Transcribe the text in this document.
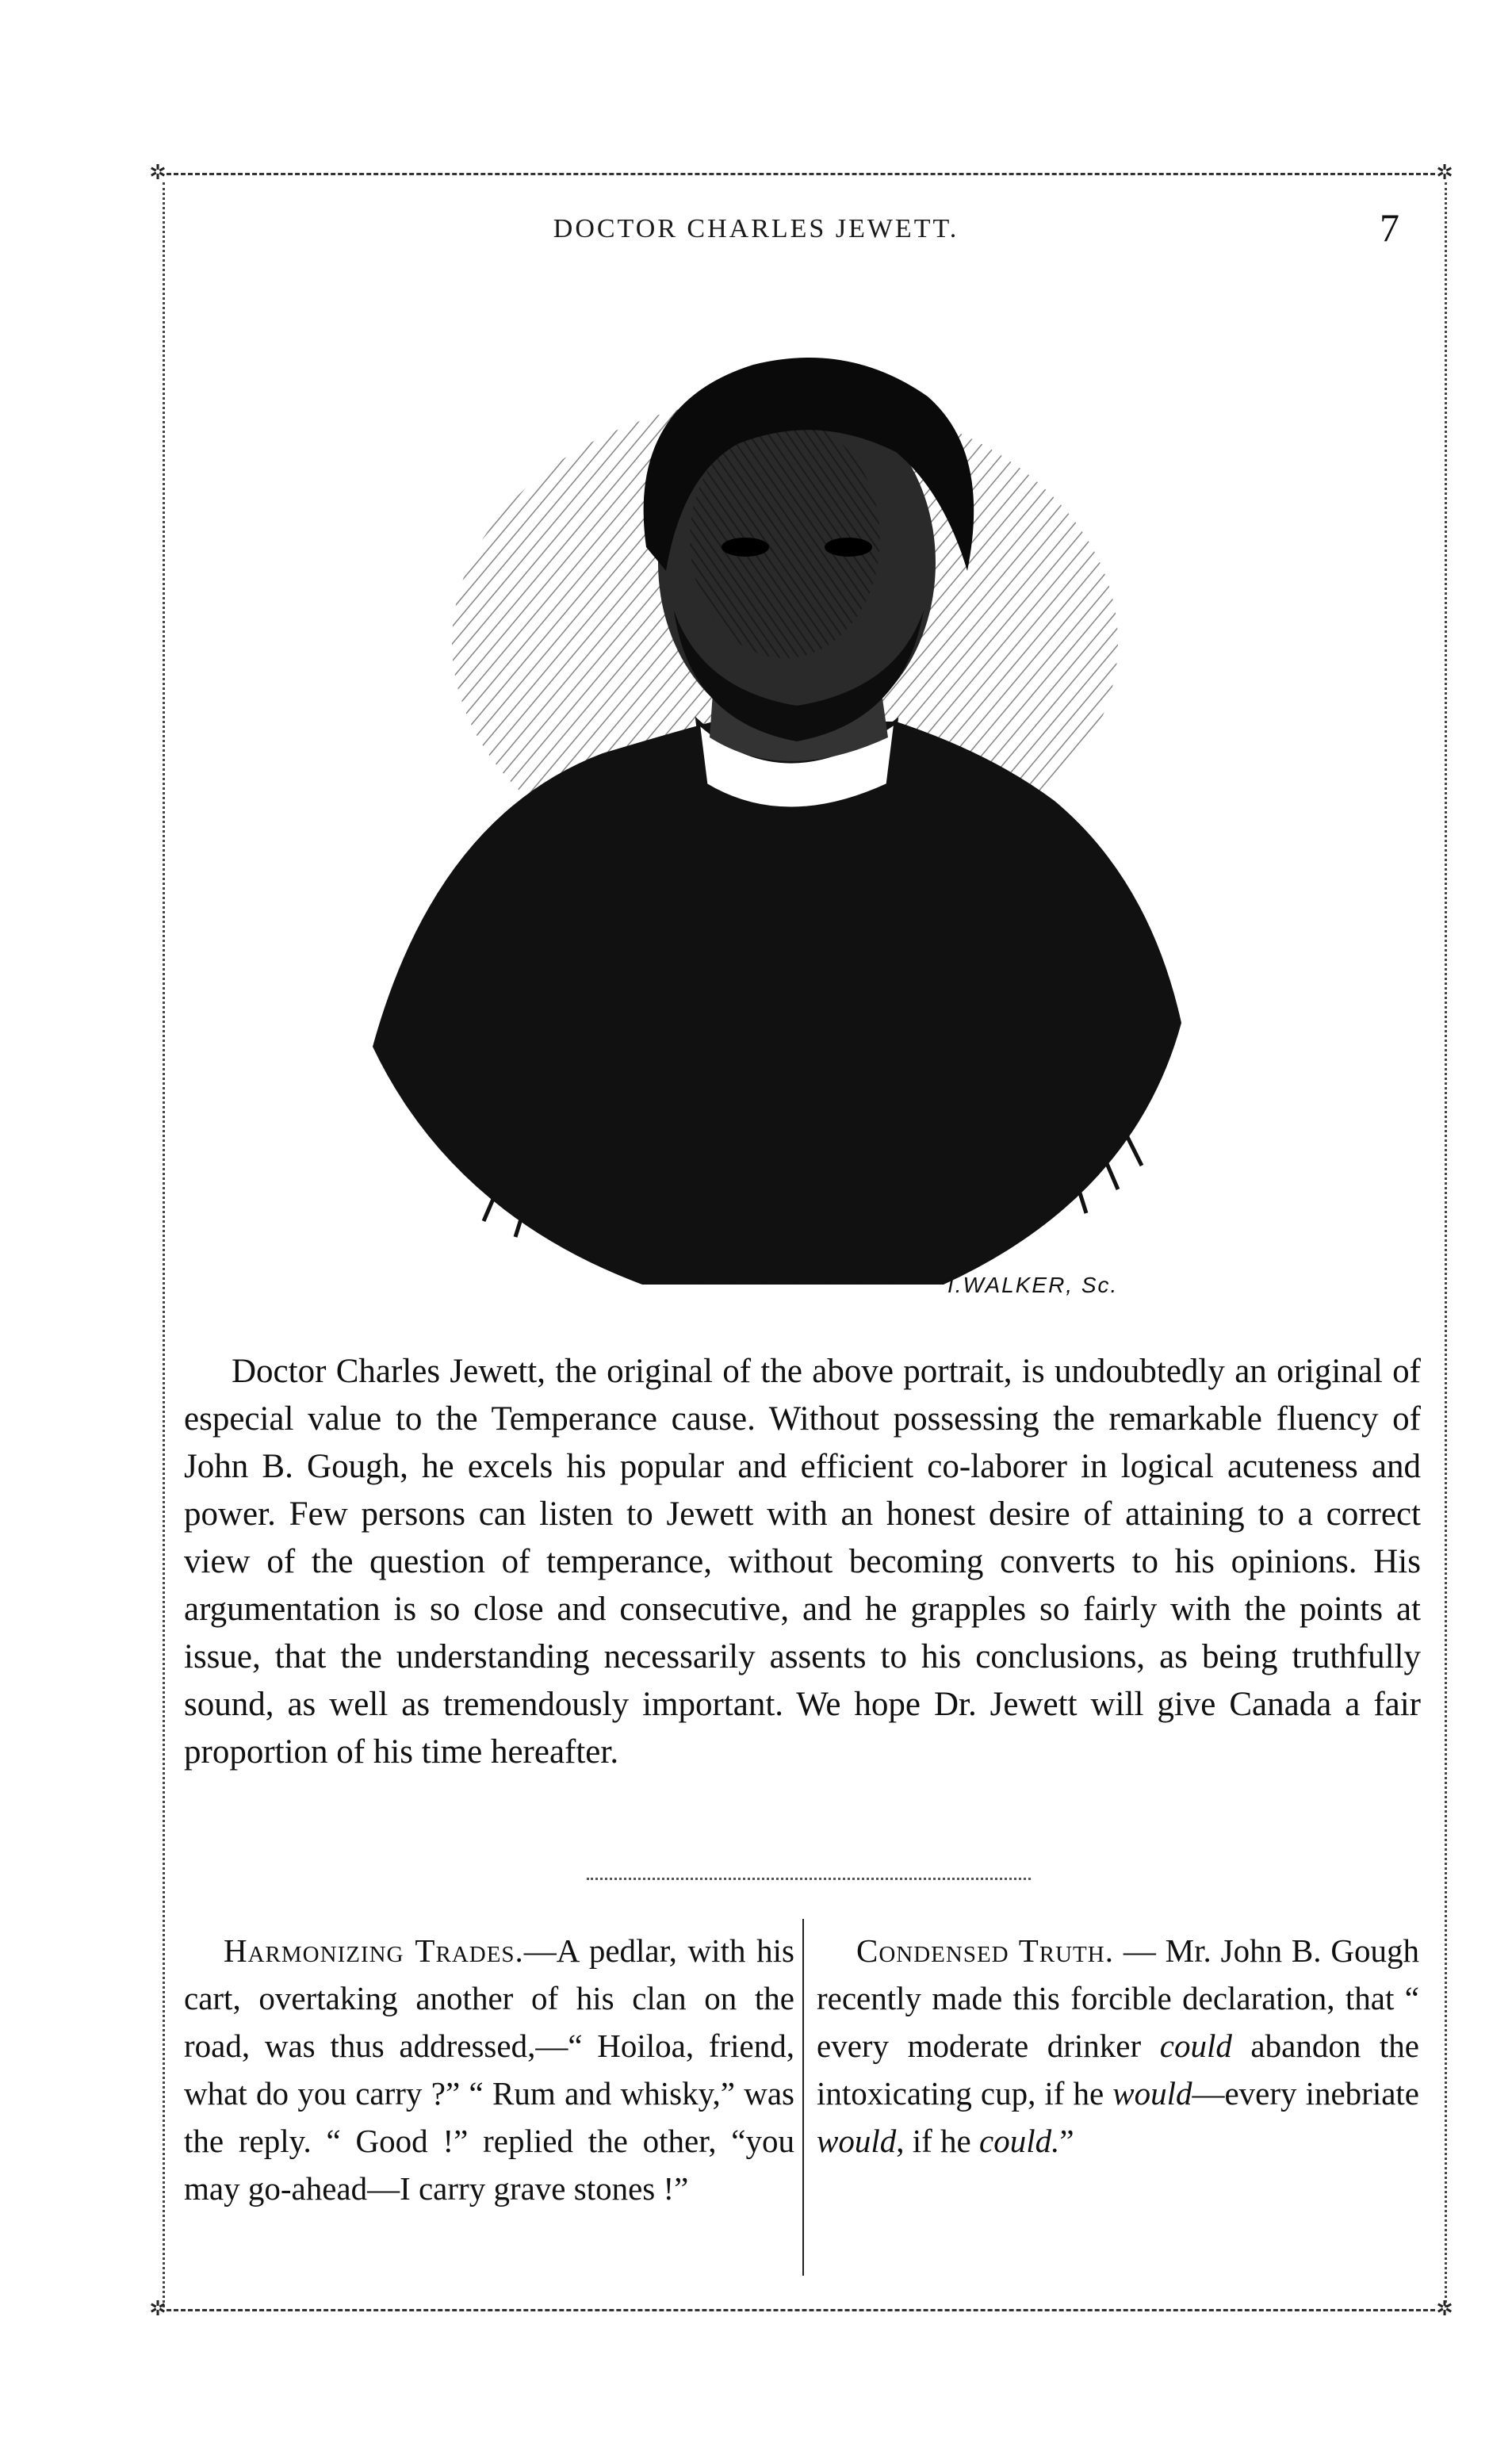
✲	✲
✲	✲
DOCTOR CHARLES JEWETT.	7
I.WALKER, Sc.

Doctor Charles Jewett, the original of the above portrait, is undoubtedly an original of especial value to the Temperance cause. Without possessing the remarkable fluency of John B. Gough, he excels his popular and efficient co-laborer in logical acuteness and power. Few persons can listen to Jewett with an honest desire of attaining to a correct view of the question of temperance, without becoming converts to his opinions. His argumentation is so close and consecutive, and he grapples so fairly with the points at issue, that the understanding necessarily assents to his conclusions, as being truthfully sound, as well as tremendously important. We hope Dr. Jewett will give Canada a fair proportion of his time hereafter.

Harmonizing Trades.—A pedlar, with his cart, overtaking another of his clan on the road, was thus addressed,—“ Hoiloa, friend, what do you carry ?” “ Rum and whisky,” was the reply. “ Good !” replied the other, “you may go-ahead—I carry grave stones !”

Condensed Truth. — Mr. John B. Gough recently made this forcible declaration, that “ every moderate drinker could abandon the intoxicating cup, if he would—every inebriate would, if he could.”
